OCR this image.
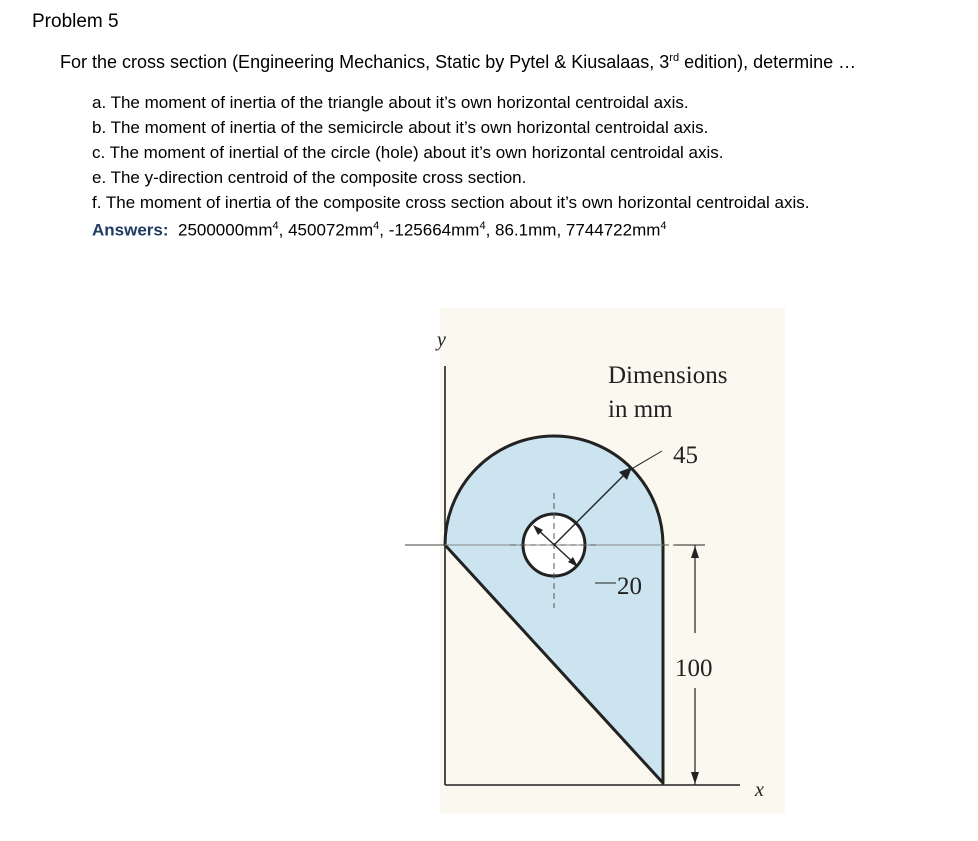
Problem 5
For the cross section (Engineering Mechanics, Static by Pytel & Kiusalaas, 3rd edition), determine …
a. The moment of inertia of the triangle about it’s own horizontal centroidal axis.
b. The moment of inertia of the semicircle about it’s own horizontal centroidal axis.
c. The moment of inertial of the circle (hole) about it’s own horizontal centroidal axis.
e. The y-direction centroid of the composite cross section.
f. The moment of inertia of the composite cross section about it’s own horizontal centroidal axis.
Answers: $2500000mm^4$, $450072mm^4$, $-125664mm^4$, 86.1mm, $7744722mm^4$
y
x
Dimensions
in mm
45
20
100
